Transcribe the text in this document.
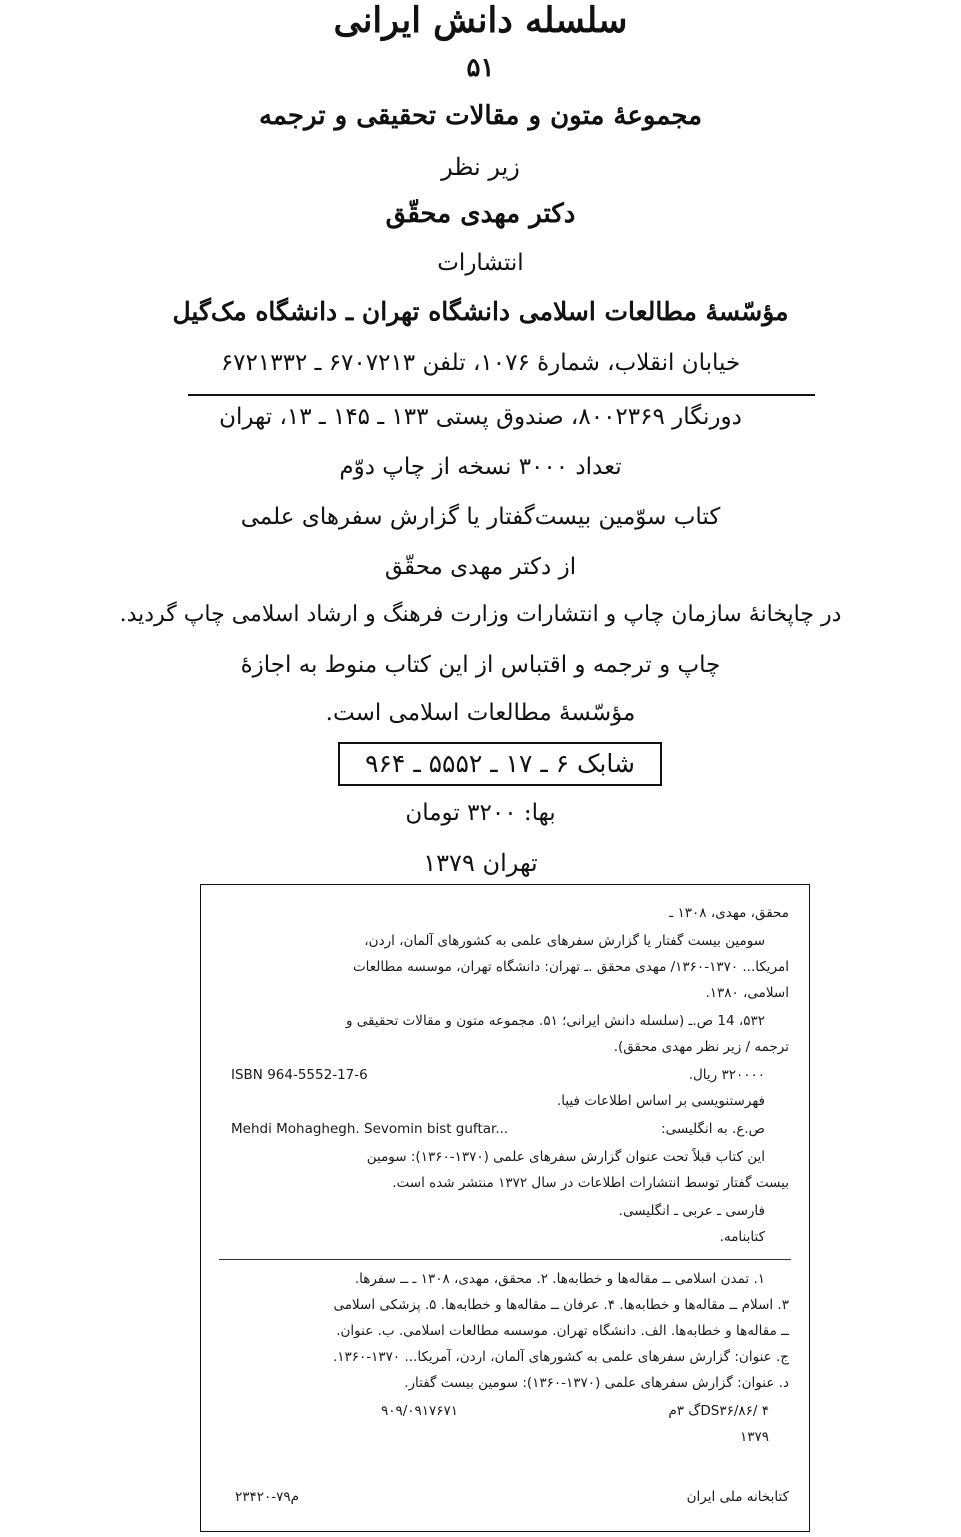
سلسله دانش ایرانی
۵۱
مجموعهٔ متون و مقالات تحقیقی و ترجمه
زیر نظر
دکتر مهدی محقّق
انتشارات
مؤسّسهٔ مطالعات اسلامی دانشگاه تهران ـ دانشگاه مک‌گیل
خیابان انقلاب، شمارهٔ ۱۰۷۶، تلفن ۶۷۰۷۲۱۳ ـ ۶۷۲۱۳۳۲
دورنگار ۸۰۰۲۳۶۹، صندوق پستی ۱۳۳ ـ ۱۴۵ ـ ۱۳، تهران
تعداد ۳۰۰۰ نسخه از چاپ دوّم
کتاب سوّمین بیست‌گفتار یا گزارش سفرهای علمی
از دکتر مهدی محقّق
در چاپخانهٔ سازمان چاپ و انتشارات وزارت فرهنگ و ارشاد اسلامی چاپ گردید.
چاپ و ترجمه و اقتباس از این کتاب منوط به اجازهٔ
مؤسّسهٔ مطالعات اسلامی است.
شابک ۶ ـ ۱۷ ـ ۵۵۵۲ ـ ۹۶۴
بها: ۳۲۰۰ تومان
تهران ۱۳۷۹
محقق، مهدی، ۱۳۰۸ ـ
سومین بیست گفتار یا گزارش سفرهای علمی به کشورهای آلمان، اردن،
امریکا... ۱۳۷۰-۱۳۶۰/ مهدی محقق .ـ تهران: دانشگاه تهران، موسسه مطالعات
اسلامی، ۱۳۸۰.
۵۳۲، 14 ص.ـ (سلسله دانش ایرانی؛ ۵۱. مجموعه متون و مقالات تحقیقی و
ترجمه / زیر نظر مهدی محقق).
۳۲۰۰۰۰ ریال.
ISBN 964-5552-17-6
فهرستنویسی بر اساس اطلاعات فیپا.
ص.ع. به انگلیسی:
Mehdi Mohaghegh. Sevomin bist guftar...
این کتاب قبلاً تحت عنوان گزارش سفرهای علمی (۱۳۷۰-۱۳۶۰): سومین
بیست گفتار توسط انتشارات اطلاعات در سال ۱۳۷۲ منتشر شده است.
فارسی ـ عربی ـ انگلیسی.
کتابنامه.
۱. تمدن اسلامی ــ مقاله‌ها و خطابه‌ها. ۲. محقق، مهدی، ۱۳۰۸ ـ ــ سفرها.
۳. اسلام ــ مقاله‌ها و خطابه‌ها. ۴. عرفان ــ مقاله‌ها و خطابه‌ها. ۵. پزشکی اسلامی
ــ مقاله‌ها و خطابه‌ها. الف. دانشگاه تهران. موسسه مطالعات اسلامی. ب. عنوان.
ج. عنوان: گزارش سفرهای علمی به کشورهای آلمان، اردن، آمریکا... ۱۳۷۰-۱۳۶۰.
د. عنوان: گزارش سفرهای علمی (۱۳۷۰-۱۳۶۰): سومین بیست گفتار.
DS۳۶/۸۶/ ۴گ ۳م
۹۰۹/۰۹۱۷۶۷۱
۱۳۷۹
کتابخانه ملی ایران
م۷۹-۲۳۴۲۰
